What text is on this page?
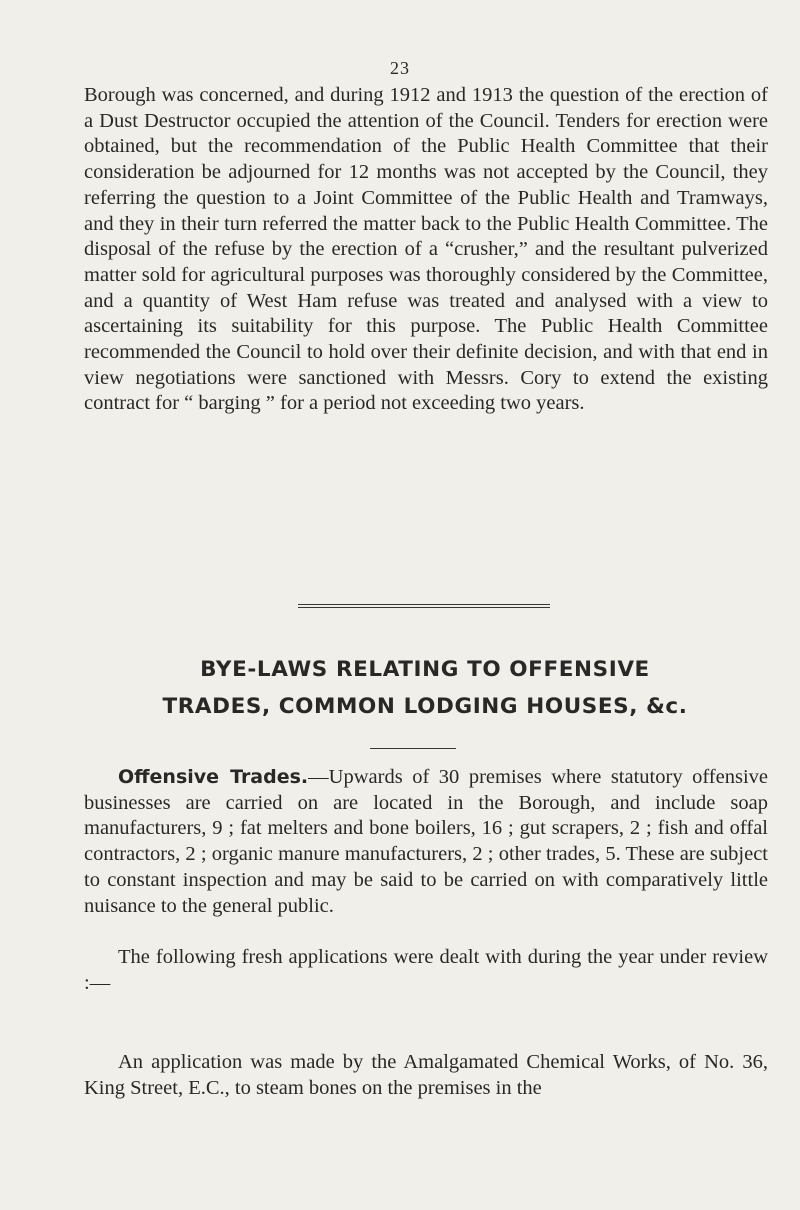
23

Borough was concerned, and during 1912 and 1913 the question of the erection of a Dust Destructor occupied the attention of the Council. Tenders for erection were obtained, but the recommendation of the Public Health Committee that their consideration be adjourned for 12 months was not accepted by the Council, they referring the question to a Joint Committee of the Public Health and Tramways, and they in their turn referred the matter back to the Public Health Committee. The disposal of the refuse by the erection of a “crusher,” and the resultant pulverized matter sold for agricultural purposes was thoroughly considered by the Committee, and a quantity of West Ham refuse was treated and analysed with a view to ascertaining its suitability for this purpose. The Public Health Committee recommended the Council to hold over their definite decision, and with that end in view negotiations were sanctioned with Messrs. Cory to extend the existing contract for “ barging ” for a period not exceeding two years.

BYE-LAWS RELATING TO OFFENSIVE
TRADES, COMMON LODGING HOUSES, &c.

Offensive Trades.—Upwards of 30 premises where statutory offensive businesses are carried on are located in the Borough, and include soap manufacturers, 9 ; fat melters and bone boilers, 16 ; gut scrapers, 2 ; fish and offal contractors, 2 ; organic manure manufacturers, 2 ; other trades, 5. These are subject to constant inspection and may be said to be carried on with comparatively little nuisance to the general public.

The following fresh applications were dealt with during the year under review :—

An application was made by the Amalgamated Chemical Works, of No. 36, King Street, E.C., to steam bones on the premises in the
